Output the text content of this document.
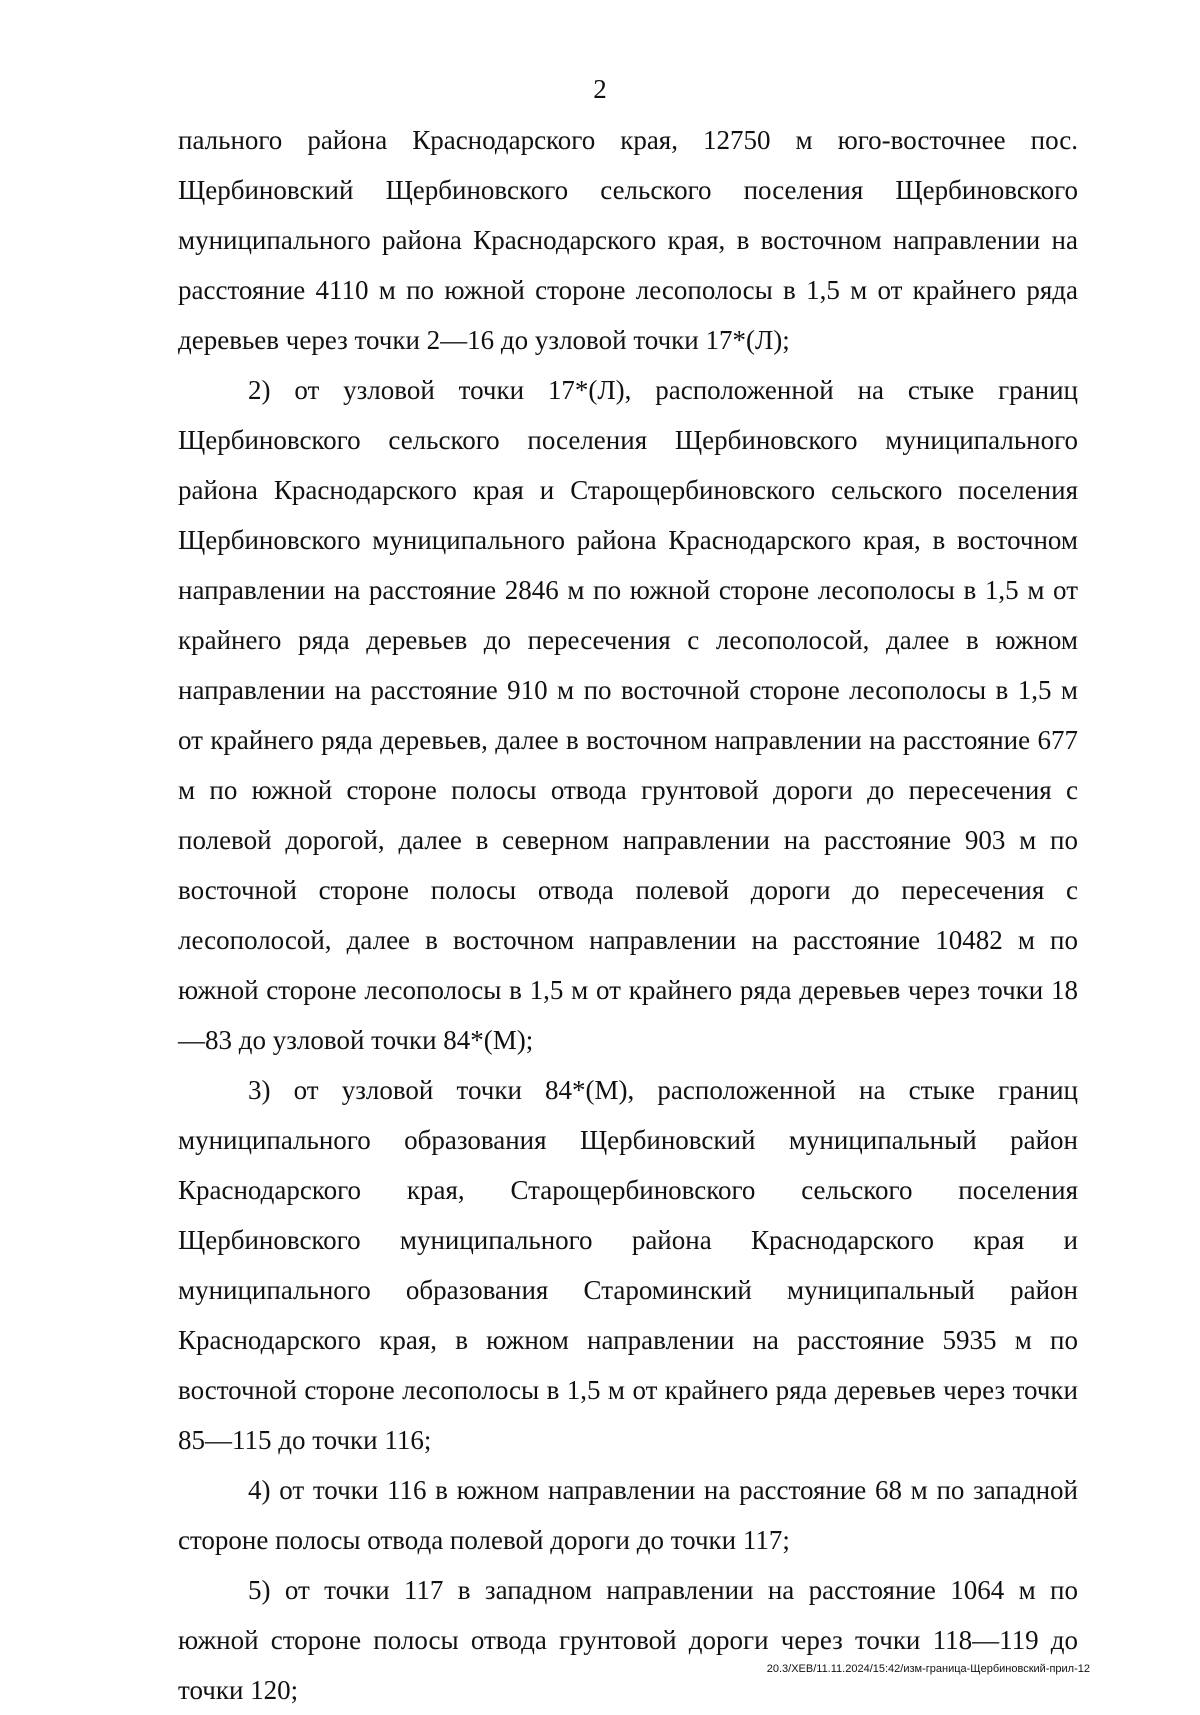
2

пального района Краснодарского края, 12750 м юго-восточнее пос. Щербиновский Щербиновского сельского поселения Щербиновского муниципального района Краснодарского края, в восточном направлении на расстояние 4110 м по южной стороне лесополосы в 1,5 м от крайнего ряда деревьев через точки 2—16 до узловой точки 17*(Л);

2) от узловой точки 17*(Л), расположенной на стыке границ Щербиновского сельского поселения Щербиновского муниципального района Краснодарского края и Старощербиновского сельского поселения Щербиновского муниципального района Краснодарского края, в восточном направлении на расстояние 2846 м по южной стороне лесополосы в 1,5 м от крайнего ряда деревьев до пересечения с лесополосой, далее в южном направлении на расстояние 910 м по восточной стороне лесополосы в 1,5 м от крайнего ряда деревьев, далее в восточном направлении на расстояние 677 м по южной стороне полосы отвода грунтовой дороги до пересечения с полевой дорогой, далее в северном направлении на расстояние 903 м по восточной стороне полосы отвода полевой дороги до пересечения с лесополосой, далее в восточном направлении на расстояние 10482 м по южной стороне лесополосы в 1,5 м от крайнего ряда деревьев через точки 18—83 до узловой точки 84*(М);

3) от узловой точки 84*(М), расположенной на стыке границ муниципального образования Щербиновский муниципальный район Краснодарского края, Старощербиновского сельского поселения Щербиновского муниципального района Краснодарского края и муниципального образования Староминский муниципальный район Краснодарского края, в южном направлении на расстояние 5935 м по восточной стороне лесополосы в 1,5 м от крайнего ряда деревьев через точки 85—115 до точки 116;

4) от точки 116 в южном направлении на расстояние 68 м по западной стороне полосы отвода полевой дороги до точки 117;

5) от точки 117 в западном направлении на расстояние 1064 м по южной стороне полосы отвода грунтовой дороги через точки 118—119 до точки 120;

20.3/ХЕВ/11.11.2024/15:42/изм-граница-Щербиновский-прил-12
